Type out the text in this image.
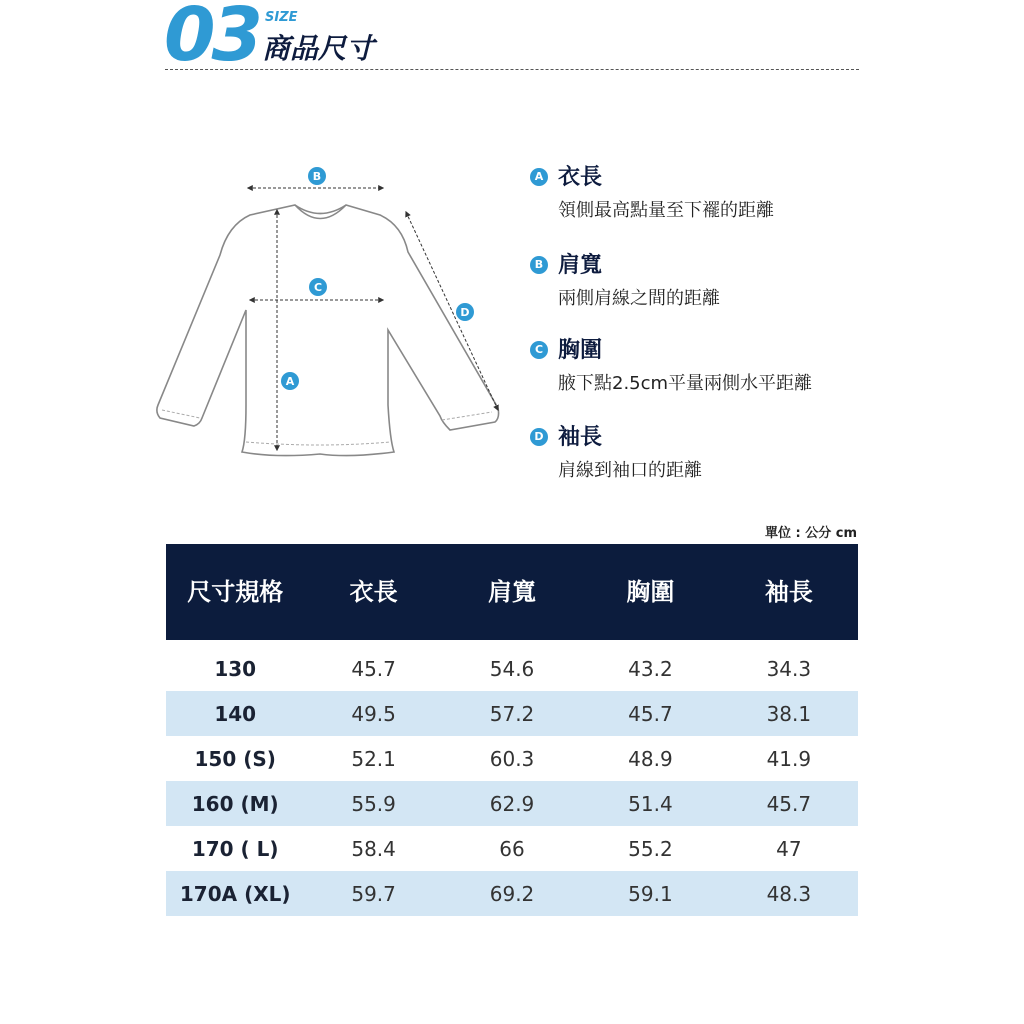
03 SIZE
商品尺寸
B
C
A
D
A 衣長
領側最高點量至下襬的距離
B 肩寬
兩側肩線之間的距離
C 胸圍
腋下點2.5cm平量兩側水平距離
D 袖長
肩線到袖口的距離
單位 : 公分 cm
尺寸規格	衣長	肩寬	胸圍	袖長
130	45.7	54.6	43.2	34.3
140	49.5	57.2	45.7	38.1
150 (S)	52.1	60.3	48.9	41.9
160 (M)	55.9	62.9	51.4	45.7
170 ( L)	58.4	66	55.2	47
170A (XL)	59.7	69.2	59.1	48.3
